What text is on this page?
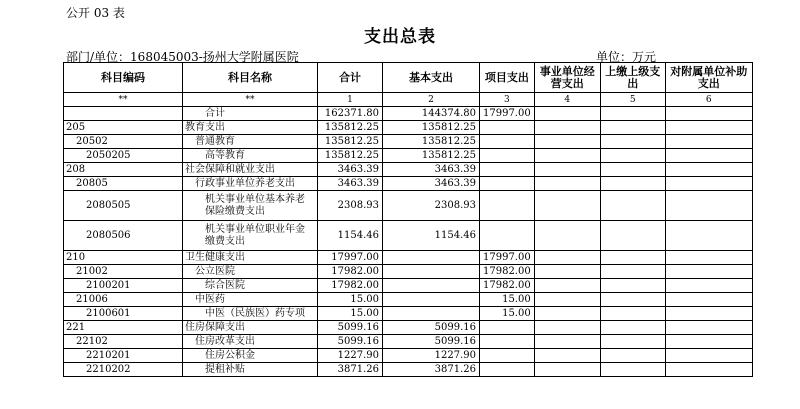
公开 03 表
支出总表
部门/单位：168045003-扬州大学附属医院	单位：万元
科目编码	科目名称	合计	基本支出	项目支出	事业单位经营支出	上缴上级支出	对附属单位补助支出
**	**	1	2	3	4	5	6
	合计	162371.80	144374.80	17997.00			
205	教育支出	135812.25	135812.25				
20502	普通教育	135812.25	135812.25				
2050205	高等教育	135812.25	135812.25				
208	社会保障和就业支出	3463.39	3463.39				
20805	行政事业单位养老支出	3463.39	3463.39				
2080505	机关事业单位基本养老保险缴费支出	2308.93	2308.93				
2080506	机关事业单位职业年金缴费支出	1154.46	1154.46				
210	卫生健康支出	17997.00		17997.00			
21002	公立医院	17982.00		17982.00			
2100201	综合医院	17982.00		17982.00			
21006	中医药	15.00		15.00			
2100601	中医（民族医）药专项	15.00		15.00			
221	住房保障支出	5099.16	5099.16				
22102	住房改革支出	5099.16	5099.16				
2210201	住房公积金	1227.90	1227.90				
2210202	提租补贴	3871.26	3871.26				
